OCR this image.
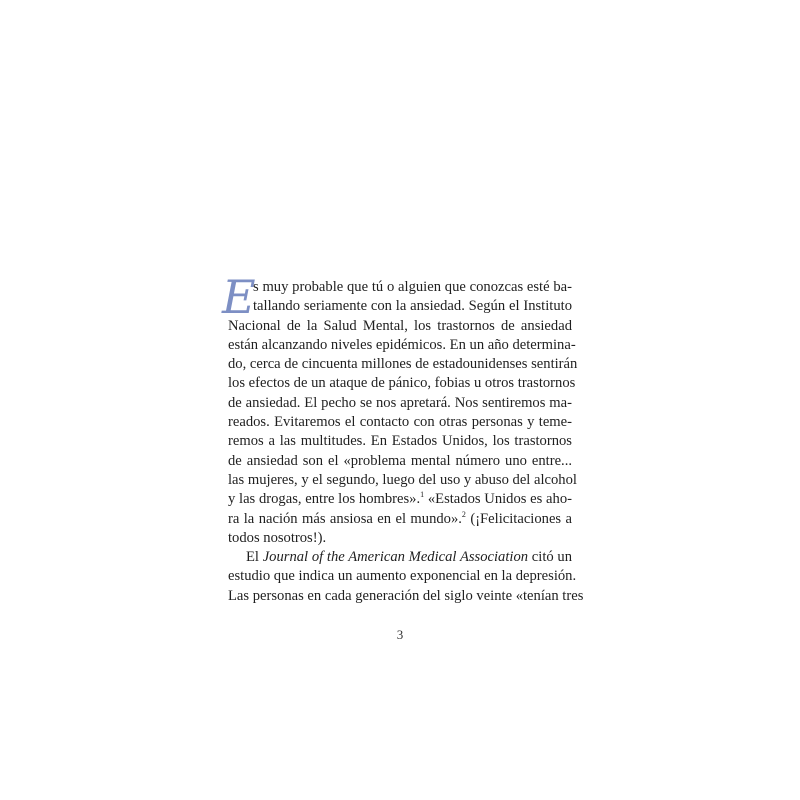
E
s muy probable que tú o alguien que conozcas esté ba-
tallando seriamente con la ansiedad. Según el Instituto
Nacional de la Salud Mental, los trastornos de ansiedad
están alcanzando niveles epidémicos. En un año determina-
do, cerca de cincuenta millones de estadounidenses sentirán
los efectos de un ataque de pánico, fobias u otros trastornos
de ansiedad. El pecho se nos apretará. Nos sentiremos ma-
reados. Evitaremos el contacto con otras personas y teme-
remos a las multitudes. En Estados Unidos, los trastornos
de ansiedad son el «problema mental número uno entre...
las mujeres, y el segundo, luego del uso y abuso del alcohol
y las drogas, entre los hombres».$^1$ «Estados Unidos es aho-
ra la nación más ansiosa en el mundo».$^2$ (¡Felicitaciones a
todos nosotros!).
El Journal of the American Medical Association citó un
estudio que indica un aumento exponencial en la depresión.
Las personas en cada generación del siglo veinte «tenían tres
3
